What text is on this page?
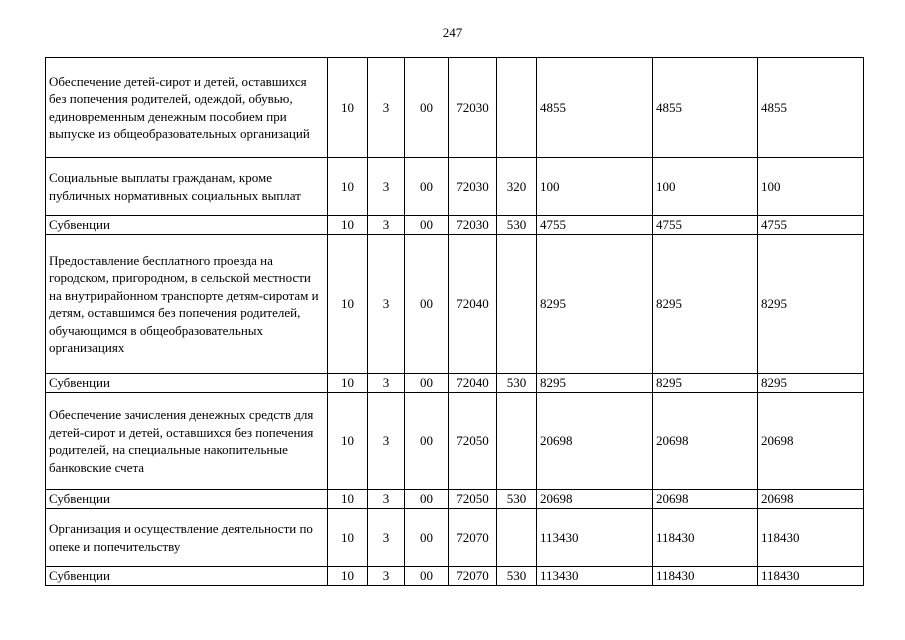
247
Обеспечение детей-сирот и детей, оставшихся без попечения родителей, одеждой, обувью, единовременным денежным пособием при выпуске из общеобразовательных организаций	10	3	00	72030		4855	4855	4855
Социальные выплаты гражданам, кроме публичных нормативных социальных выплат	10	3	00	72030	320	100	100	100
Субвенции	10	3	00	72030	530	4755	4755	4755
Предоставление бесплатного проезда на городском, пригородном, в сельской местности на внутрирайонном транспорте детям-сиротам и детям, оставшимся без попечения родителей, обучающимся в общеобразовательных организациях	10	3	00	72040		8295	8295	8295
Субвенции	10	3	00	72040	530	8295	8295	8295
Обеспечение зачисления денежных средств для детей-сирот и детей, оставшихся без попечения родителей, на специальные накопительные банковские счета	10	3	00	72050		20698	20698	20698
Субвенции	10	3	00	72050	530	20698	20698	20698
Организация и осуществление деятельности по опеке и попечительству	10	3	00	72070		113430	118430	118430
Субвенции	10	3	00	72070	530	113430	118430	118430
